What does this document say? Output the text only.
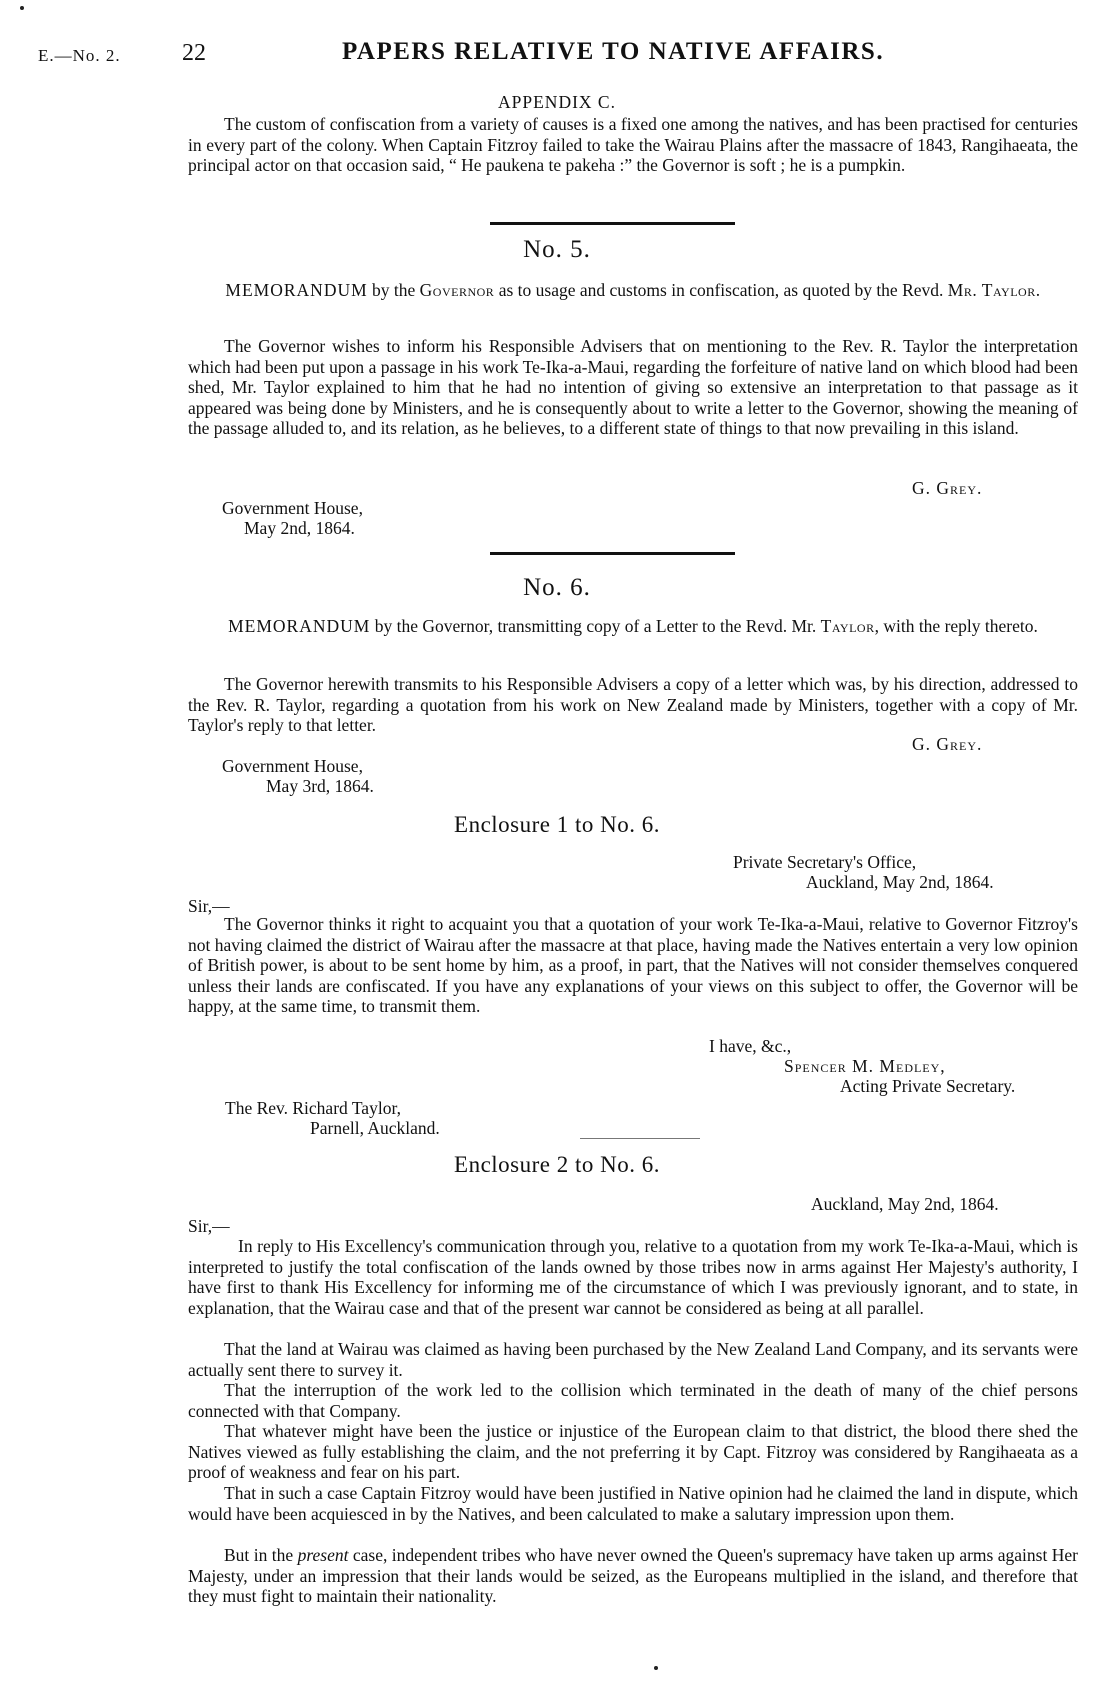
E.—No. 2.	22	PAPERS RELATIVE TO NATIVE AFFAIRS.
APPENDIX C.
The custom of confiscation from a variety of causes is a fixed one among the natives, and has been practised for centuries in every part of the colony. When Captain Fitzroy failed to take the Wairau Plains after the massacre of 1843, Rangihaeata, the principal actor on that occasion said, “ He paukena te pakeha :” the Governor is soft ; he is a pumpkin.
No. 5.
MEMORANDUM by the Governor as to usage and customs in confiscation, as quoted by the Revd. Mr. Taylor.
The Governor wishes to inform his Responsible Advisers that on mentioning to the Rev. R. Taylor the interpretation which had been put upon a passage in his work Te-Ika-a-Maui, regarding the forfeiture of native land on which blood had been shed, Mr. Taylor explained to him that he had no intention of giving so extensive an interpretation to that passage as it appeared was being done by Ministers, and he is consequently about to write a letter to the Governor, showing the meaning of the passage alluded to, and its relation, as he believes, to a different state of things to that now prevailing in this island.
G. Grey.
Government House,
May 2nd, 1864.
No. 6.
MEMORANDUM by the Governor, transmitting copy of a Letter to the Revd. Mr. Taylor, with the reply thereto.
The Governor herewith transmits to his Responsible Advisers a copy of a letter which was, by his direction, addressed to the Rev. R. Taylor, regarding a quotation from his work on New Zealand made by Ministers, together with a copy of Mr. Taylor's reply to that letter.
G. Grey.
Government House,
May 3rd, 1864.
Enclosure 1 to No. 6.
Private Secretary's Office,
Auckland, May 2nd, 1864.
Sir,—
The Governor thinks it right to acquaint you that a quotation of your work Te-Ika-a-Maui, relative to Governor Fitzroy's not having claimed the district of Wairau after the massacre at that place, having made the Natives entertain a very low opinion of British power, is about to be sent home by him, as a proof, in part, that the Natives will not consider themselves conquered unless their lands are confiscated. If you have any explanations of your views on this subject to offer, the Governor will be happy, at the same time, to transmit them.
I have, &c.,
Spencer M. Medley,
Acting Private Secretary.
The Rev. Richard Taylor,
Parnell, Auckland.
Enclosure 2 to No. 6.
Auckland, May 2nd, 1864.
Sir,—
In reply to His Excellency's communication through you, relative to a quotation from my work Te-Ika-a-Maui, which is interpreted to justify the total confiscation of the lands owned by those tribes now in arms against Her Majesty's authority, I have first to thank His Excellency for informing me of the circumstance of which I was previously ignorant, and to state, in explanation, that the Wairau case and that of the present war cannot be considered as being at all parallel.
That the land at Wairau was claimed as having been purchased by the New Zealand Land Company, and its servants were actually sent there to survey it.
That the interruption of the work led to the collision which terminated in the death of many of the chief persons connected with that Company.
That whatever might have been the justice or injustice of the European claim to that district, the blood there shed the Natives viewed as fully establishing the claim, and the not preferring it by Capt. Fitzroy was considered by Rangihaeata as a proof of weakness and fear on his part.
That in such a case Captain Fitzroy would have been justified in Native opinion had he claimed the land in dispute, which would have been acquiesced in by the Natives, and been calculated to make a salutary impression upon them.
But in the present case, independent tribes who have never owned the Queen's supremacy have taken up arms against Her Majesty, under an impression that their lands would be seized, as the Europeans multiplied in the island, and therefore that they must fight to maintain their nationality.
